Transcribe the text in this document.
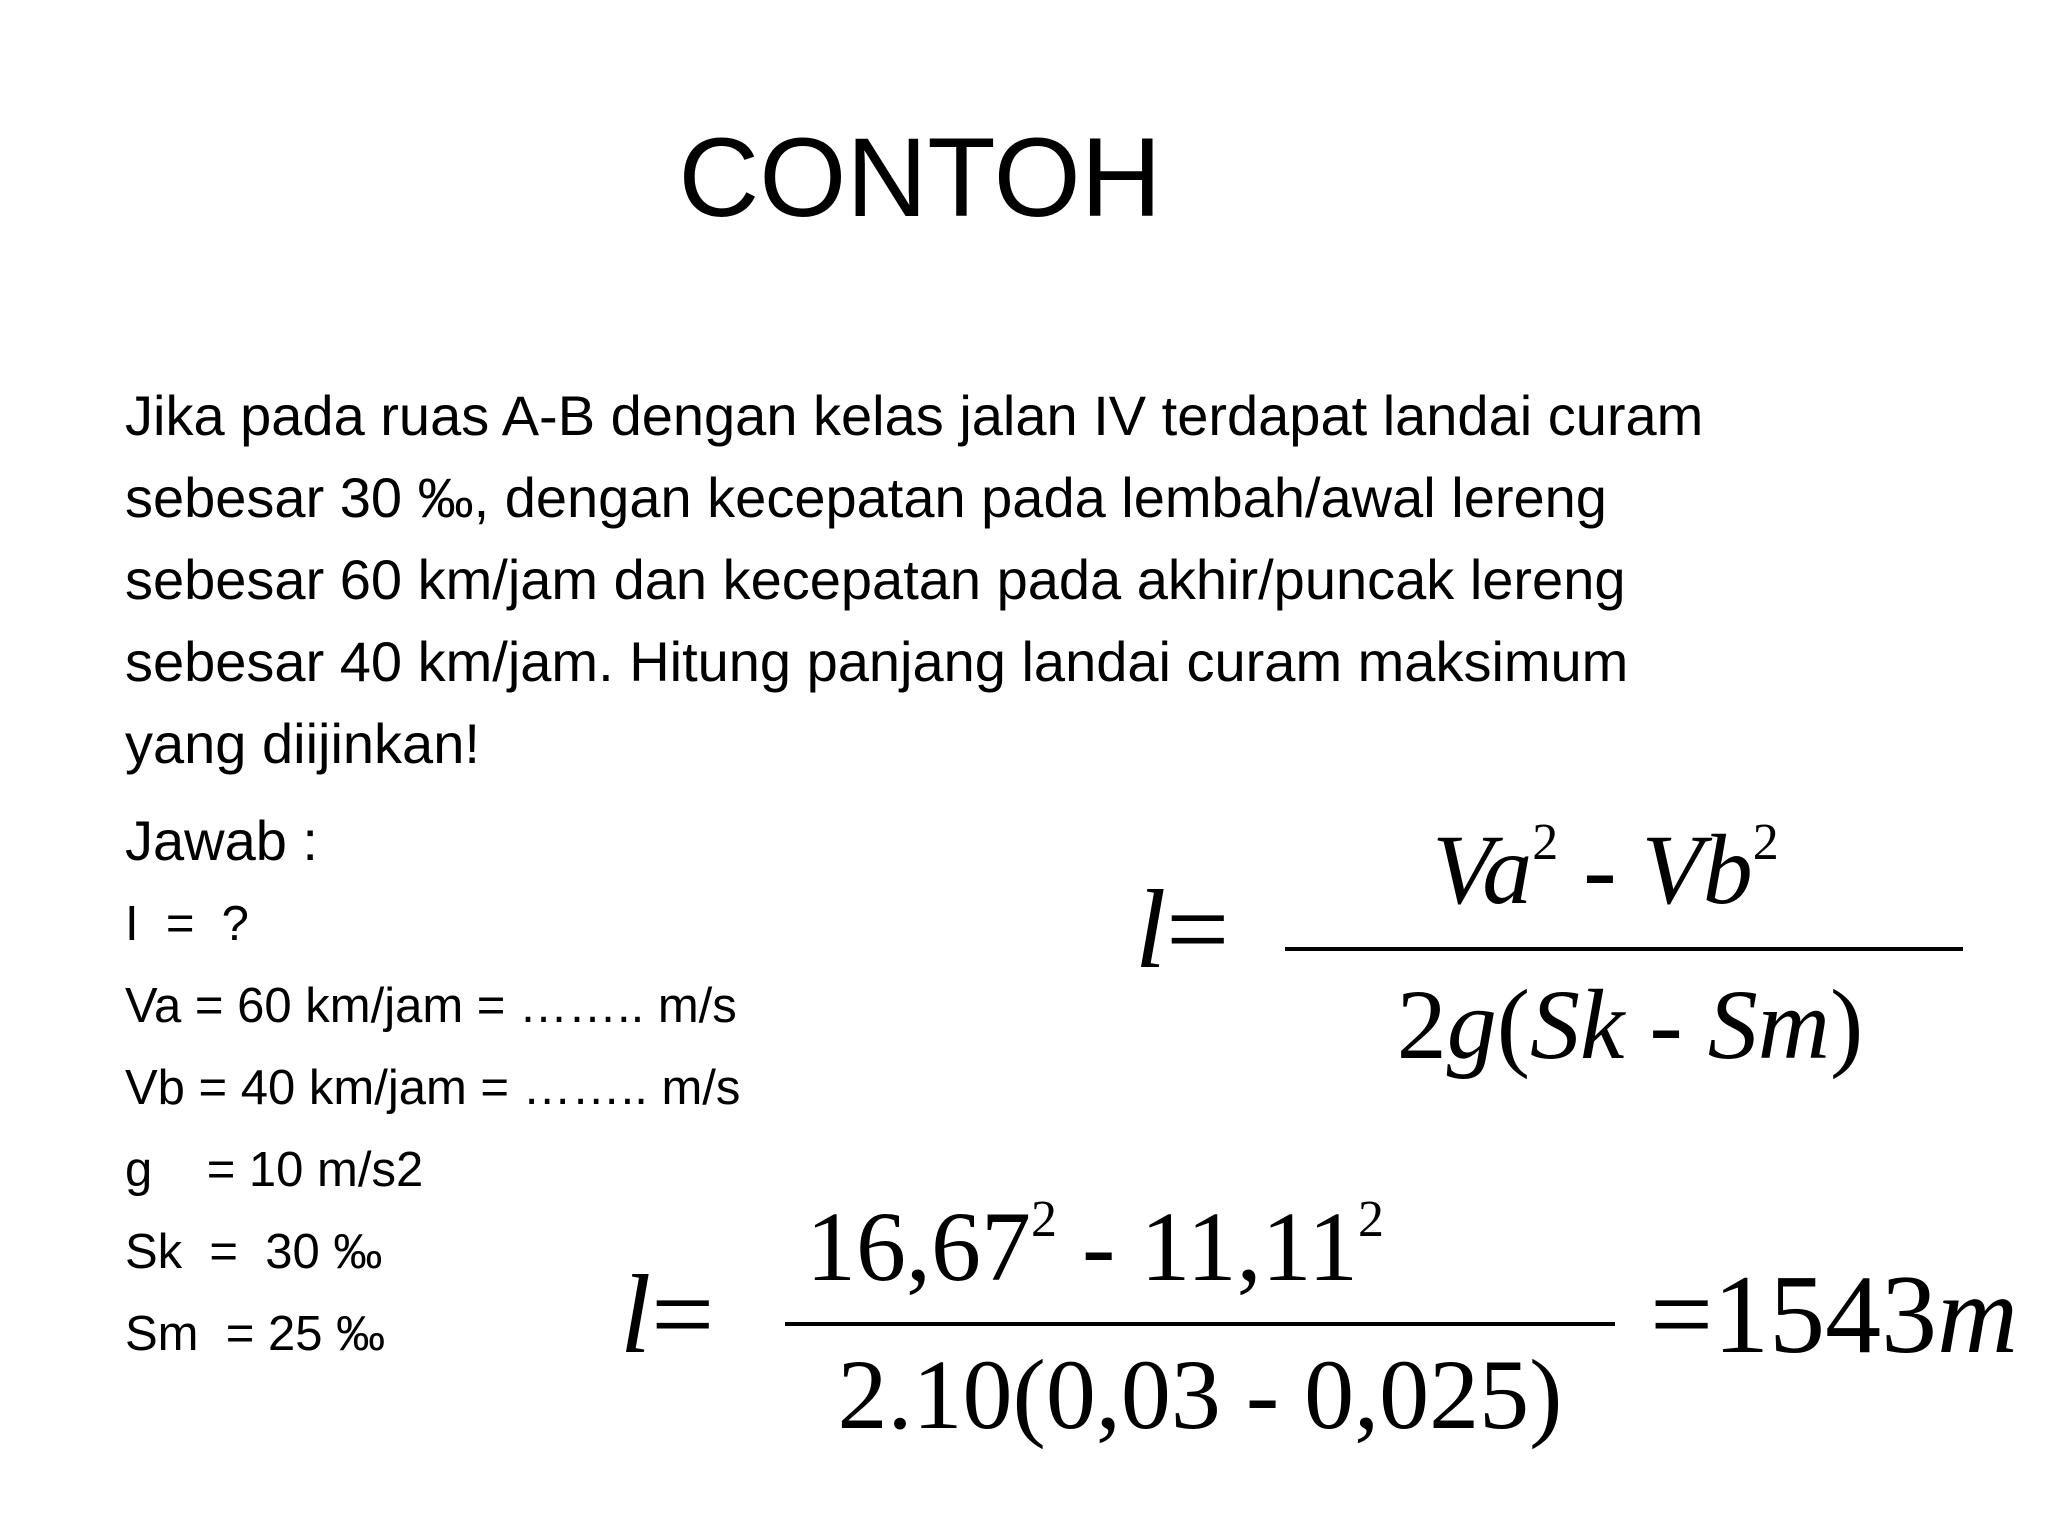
CONTOH

Jika pada ruas A-B dengan kelas jalan IV terdapat landai curam

sebesar 30 ‰, dengan kecepatan pada lembah/awal lereng

sebesar 60 km/jam dan kecepatan pada akhir/puncak lereng

sebesar 40 km/jam. Hitung panjang landai curam maksimum

yang diijinkan!

Jawab :
I  =  ?
Va = 60 km/jam = …….. m/s
Vb = 40 km/jam = …….. m/s
g    = 10 m/s2
Sk  =  30 ‰
Sm  = 25 ‰
l=	$Va^2 - Vb^2$
2g(Sk - Sm)
l=
$16,67^2 - 11,11^2$
2.10(0,03 - 0,025)
=1543m
